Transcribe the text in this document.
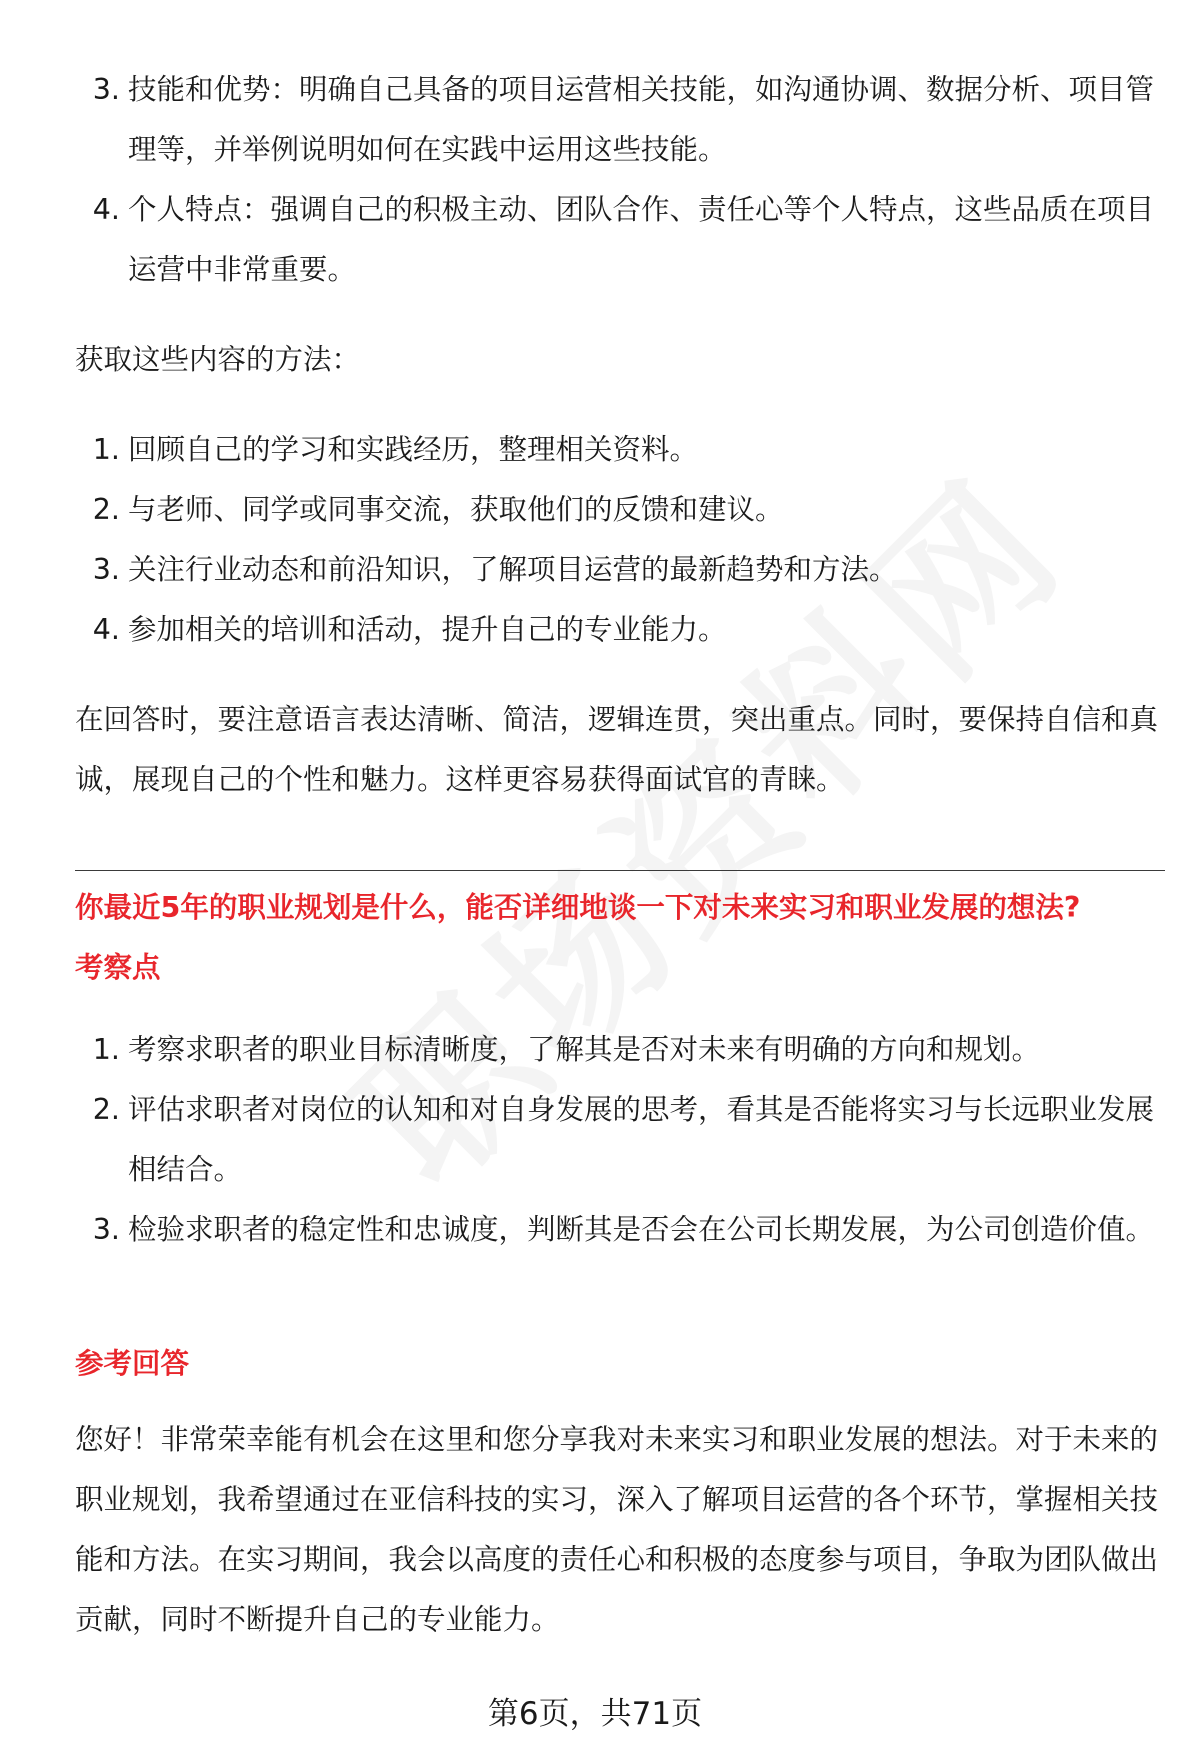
3. 技能和优势：明确自己具备的项目运营相关技能，如沟通协调、数据分析、项目管理等，并举例说明如何在实践中运用这些技能。
4. 个人特点：强调自己的积极主动、团队合作、责任心等个人特点，这些品质在项目运营中非常重要。
获取这些内容的方法：
1. 回顾自己的学习和实践经历，整理相关资料。
2. 与老师、同学或同事交流，获取他们的反馈和建议。
3. 关注行业动态和前沿知识，了解项目运营的最新趋势和方法。
4. 参加相关的培训和活动，提升自己的专业能力。
在回答时，要注意语言表达清晰、简洁，逻辑连贯，突出重点。同时，要保持自信和真诚，展现自己的个性和魅力。这样更容易获得面试官的青睐。
你最近5年的职业规划是什么，能否详细地谈一下对未来实习和职业发展的想法?
考察点
1. 考察求职者的职业目标清晰度，了解其是否对未来有明确的方向和规划。
2. 评估求职者对岗位的认知和对自身发展的思考，看其是否能将实习与长远职业发展相结合。
3. 检验求职者的稳定性和忠诚度，判断其是否会在公司长期发展，为公司创造价值。
参考回答
您好！非常荣幸能有机会在这里和您分享我对未来实习和职业发展的想法。对于未来的职业规划，我希望通过在亚信科技的实习，深入了解项目运营的各个环节，掌握相关技能和方法。在实习期间，我会以高度的责任心和积极的态度参与项目，争取为团队做出贡献，同时不断提升自己的专业能力。
第6页，共71页
